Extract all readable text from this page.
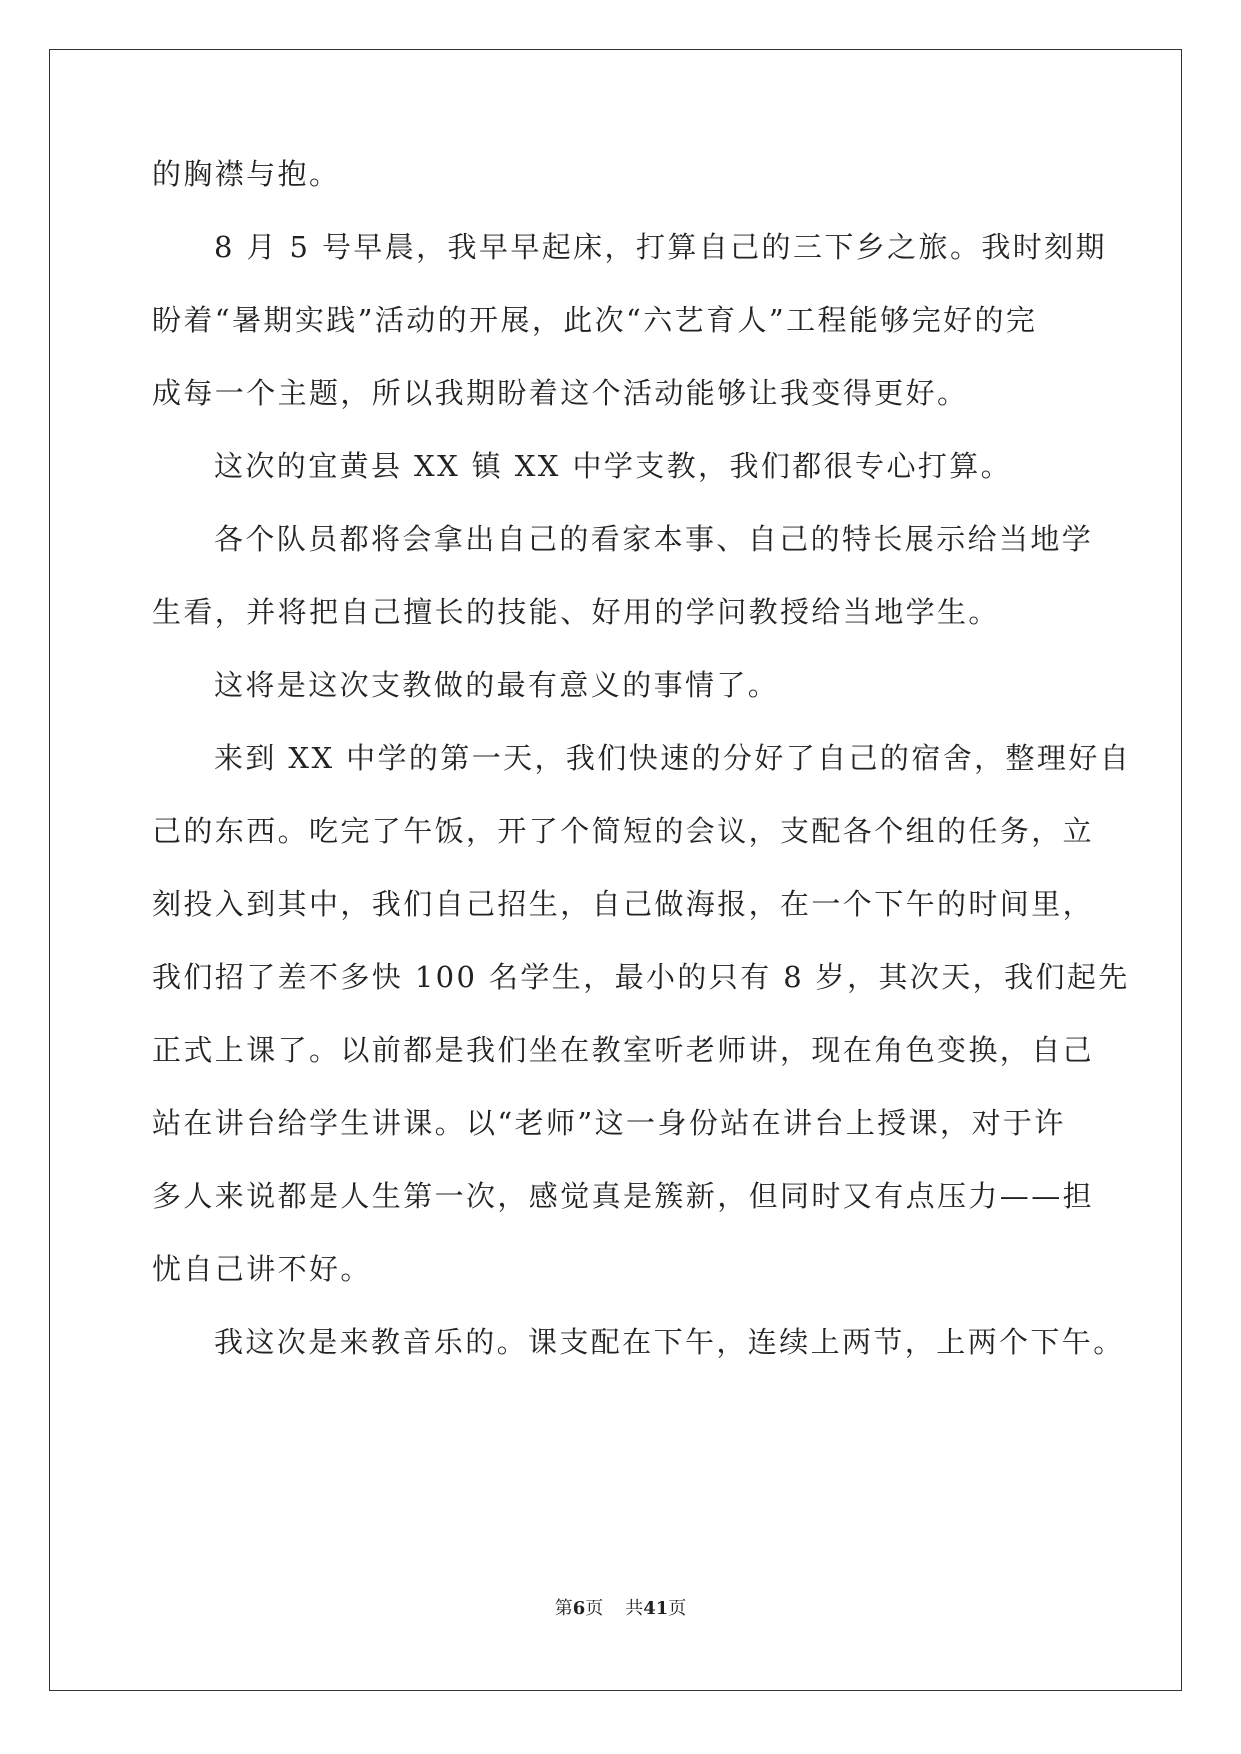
的胸襟与抱。
8 月 5 号早晨，我早早起床，打算自己的三下乡之旅。我时刻期
盼着“暑期实践”活动的开展，此次“六艺育人”工程能够完好的完
成每一个主题，所以我期盼着这个活动能够让我变得更好。
这次的宜黄县 XX 镇 XX 中学支教，我们都很专心打算。
各个队员都将会拿出自己的看家本事、自己的特长展示给当地学
生看，并将把自己擅长的技能、好用的学问教授给当地学生。
这将是这次支教做的最有意义的事情了。
来到 XX 中学的第一天，我们快速的分好了自己的宿舍，整理好自
己的东西。吃完了午饭，开了个简短的会议，支配各个组的任务，立
刻投入到其中，我们自己招生，自己做海报，在一个下午的时间里，
我们招了差不多快 100 名学生，最小的只有 8 岁，其次天，我们起先
正式上课了。以前都是我们坐在教室听老师讲，现在角色变换，自己
站在讲台给学生讲课。以“老师”这一身份站在讲台上授课，对于许
多人来说都是人生第一次，感觉真是簇新，但同时又有点压力——担
忧自己讲不好。
我这次是来教音乐的。课支配在下午，连续上两节，上两个下午。
第6页 共41页
